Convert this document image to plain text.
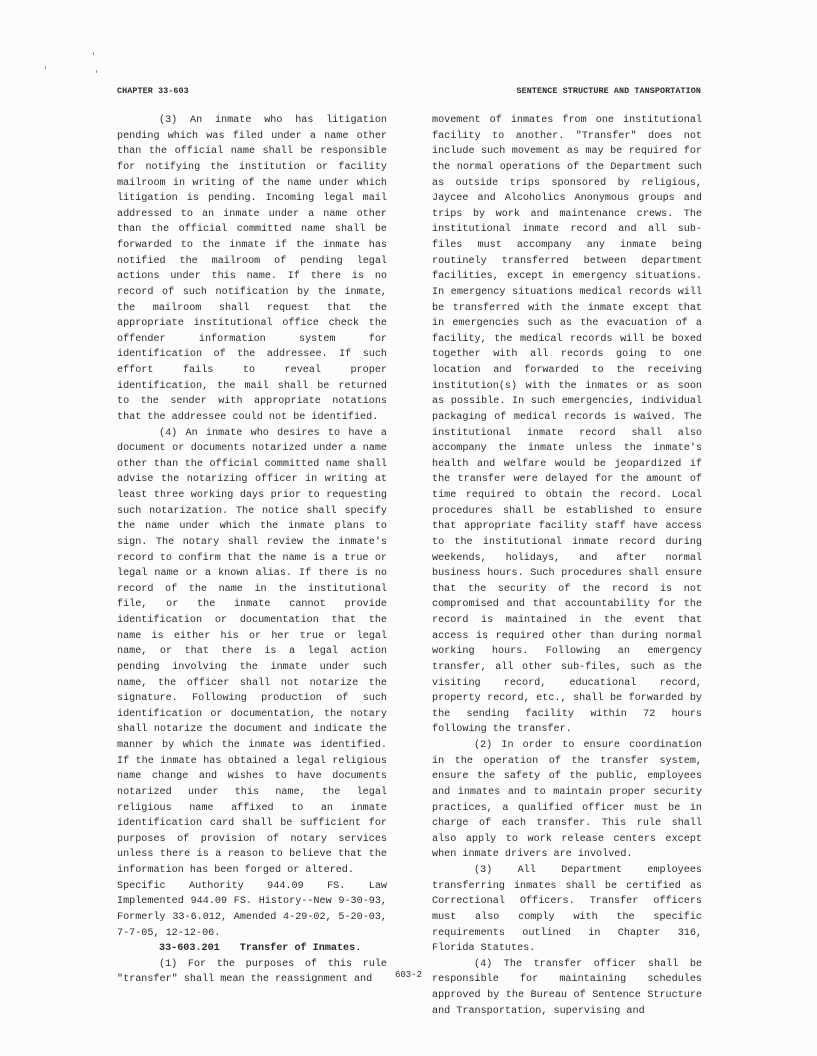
CHAPTER 33-603	SENTENCE STRUCTURE AND TANSPORTATION

(3) An inmate who has litigation pending which was filed under a name other than the official name shall be responsible for notifying the institution or facility mailroom in writing of the name under which litigation is pending. Incoming legal mail addressed to an inmate under a name other than the official committed name shall be forwarded to the inmate if the inmate has notified the mailroom of pending legal actions under this name. If there is no record of such notification by the inmate, the mailroom shall request that the appropriate institutional office check the offender information system for identification of the addressee. If such effort fails to reveal proper identification, the mail shall be returned to the sender with appropriate notations that the addressee could not be identified.

(4) An inmate who desires to have a document or documents notarized under a name other than the official committed name shall advise the notarizing officer in writing at least three working days prior to requesting such notarization. The notice shall specify the name under which the inmate plans to sign. The notary shall review the inmate's record to confirm that the name is a true or legal name or a known alias. If there is no record of the name in the institutional file, or the inmate cannot provide identification or documentation that the name is either his or her true or legal name, or that there is a legal action pending involving the inmate under such name, the officer shall not notarize the signature. Following production of such identification or documentation, the notary shall notarize the document and indicate the manner by which the inmate was identified. If the inmate has obtained a legal religious name change and wishes to have documents notarized under this name, the legal religious name affixed to an inmate identification card shall be sufficient for purposes of provision of notary services unless there is a reason to believe that the information has been forged or altered.

Specific Authority 944.09 FS. Law Implemented 944.09 FS. History--New 9-30-93, Formerly 33-6.012, Amended 4-29-02, 5-20-03, 7-7-05, 12-12-06.

33-603.201 Transfer of Inmates.

(1) For the purposes of this rule "transfer" shall mean the reassignment and

movement of inmates from one institutional facility to another. "Transfer" does not include such movement as may be required for the normal operations of the Department such as outside trips sponsored by religious, Jaycee and Alcoholics Anonymous groups and trips by work and maintenance crews. The institutional inmate record and all sub-files must accompany any inmate being routinely transferred between department facilities, except in emergency situations. In emergency situations medical records will be transferred with the inmate except that in emergencies such as the evacuation of a facility, the medical records will be boxed together with all records going to one location and forwarded to the receiving institution(s) with the inmates or as soon as possible. In such emergencies, individual packaging of medical records is waived. The institutional inmate record shall also accompany the inmate unless the inmate's health and welfare would be jeopardized if the transfer were delayed for the amount of time required to obtain the record. Local procedures shall be established to ensure that appropriate facility staff have access to the institutional inmate record during weekends, holidays, and after normal business hours. Such procedures shall ensure that the security of the record is not compromised and that accountability for the record is maintained in the event that access is required other than during normal working hours. Following an emergency transfer, all other sub-files, such as the visiting record, educational record, property record, etc., shall be forwarded by the sending facility within 72 hours following the transfer.

(2) In order to ensure coordination in the operation of the transfer system, ensure the safety of the public, employees and inmates and to maintain proper security practices, a qualified officer must be in charge of each transfer. This rule shall also apply to work release centers except when inmate drivers are involved.

(3) All Department employees transferring inmates shall be certified as Correctional Officers. Transfer officers must also comply with the specific requirements outlined in Chapter 316, Florida Statutes.

(4) The transfer officer shall be responsible for maintaining schedules approved by the Bureau of Sentence Structure and Transportation, supervising and

603-2
